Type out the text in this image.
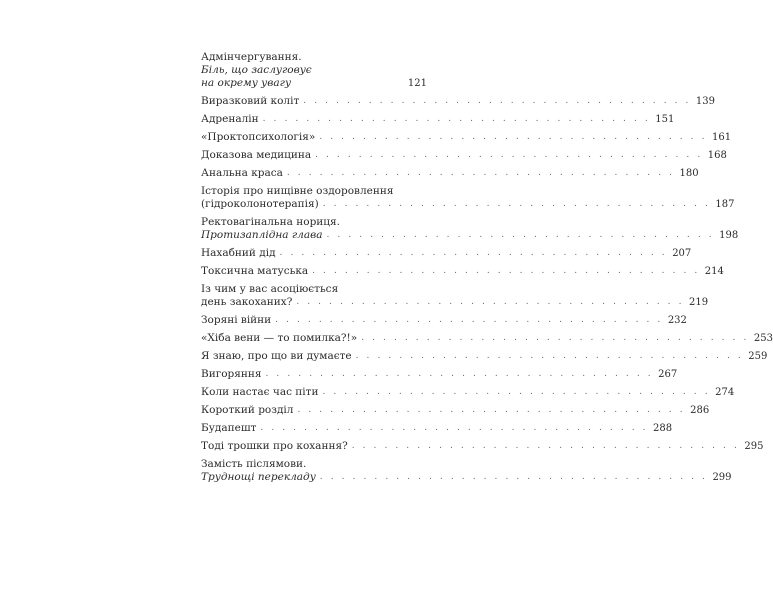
Адмінчергування.
Біль, що заслуговує
на окрему увагу	121
Виразковий коліт . . . . . . . . . . . . . . . . . . . . . . . . . . . . . . . . . . . . 139
Адреналін . . . . . . . . . . . . . . . . . . . . . . . . . . . . . . . . . . . . 151
«Проктопсихологія» . . . . . . . . . . . . . . . . . . . . . . . . . . . . . . . . . . . . 161
Доказова медицина . . . . . . . . . . . . . . . . . . . . . . . . . . . . . . . . . . . . 168
Анальна краса . . . . . . . . . . . . . . . . . . . . . . . . . . . . . . . . . . . . 180
Історія про нищівне оздоровлення
(гідроколонотерапія) . . . . . . . . . . . . . . . . . . . . . . . . . . . . . . . . . . . . 187
Ректовагінальна нориця.
Протизаплідна глава . . . . . . . . . . . . . . . . . . . . . . . . . . . . . . . . . . . . 198
Нахабний дід . . . . . . . . . . . . . . . . . . . . . . . . . . . . . . . . . . . . 207
Токсична матуська . . . . . . . . . . . . . . . . . . . . . . . . . . . . . . . . . . . . 214
Із чим у вас асоціюється
день закоханих? . . . . . . . . . . . . . . . . . . . . . . . . . . . . . . . . . . . . 219
Зоряні війни . . . . . . . . . . . . . . . . . . . . . . . . . . . . . . . . . . . . 232
«Хіба вени — то помилка?!» . . . . . . . . . . . . . . . . . . . . . . . . . . . . . . . . . . . . 253
Я знаю, про що ви думаєте . . . . . . . . . . . . . . . . . . . . . . . . . . . . . . . . . . . . 259
Вигоряння . . . . . . . . . . . . . . . . . . . . . . . . . . . . . . . . . . . . 267
Коли настає час піти . . . . . . . . . . . . . . . . . . . . . . . . . . . . . . . . . . . . 274
Короткий розділ . . . . . . . . . . . . . . . . . . . . . . . . . . . . . . . . . . . . 286
Будапешт . . . . . . . . . . . . . . . . . . . . . . . . . . . . . . . . . . . . 288
Тоді трошки про кохання? . . . . . . . . . . . . . . . . . . . . . . . . . . . . . . . . . . . . 295
Замість післямови.
Труднощі перекладу . . . . . . . . . . . . . . . . . . . . . . . . . . . . . . . . . . . . 299
